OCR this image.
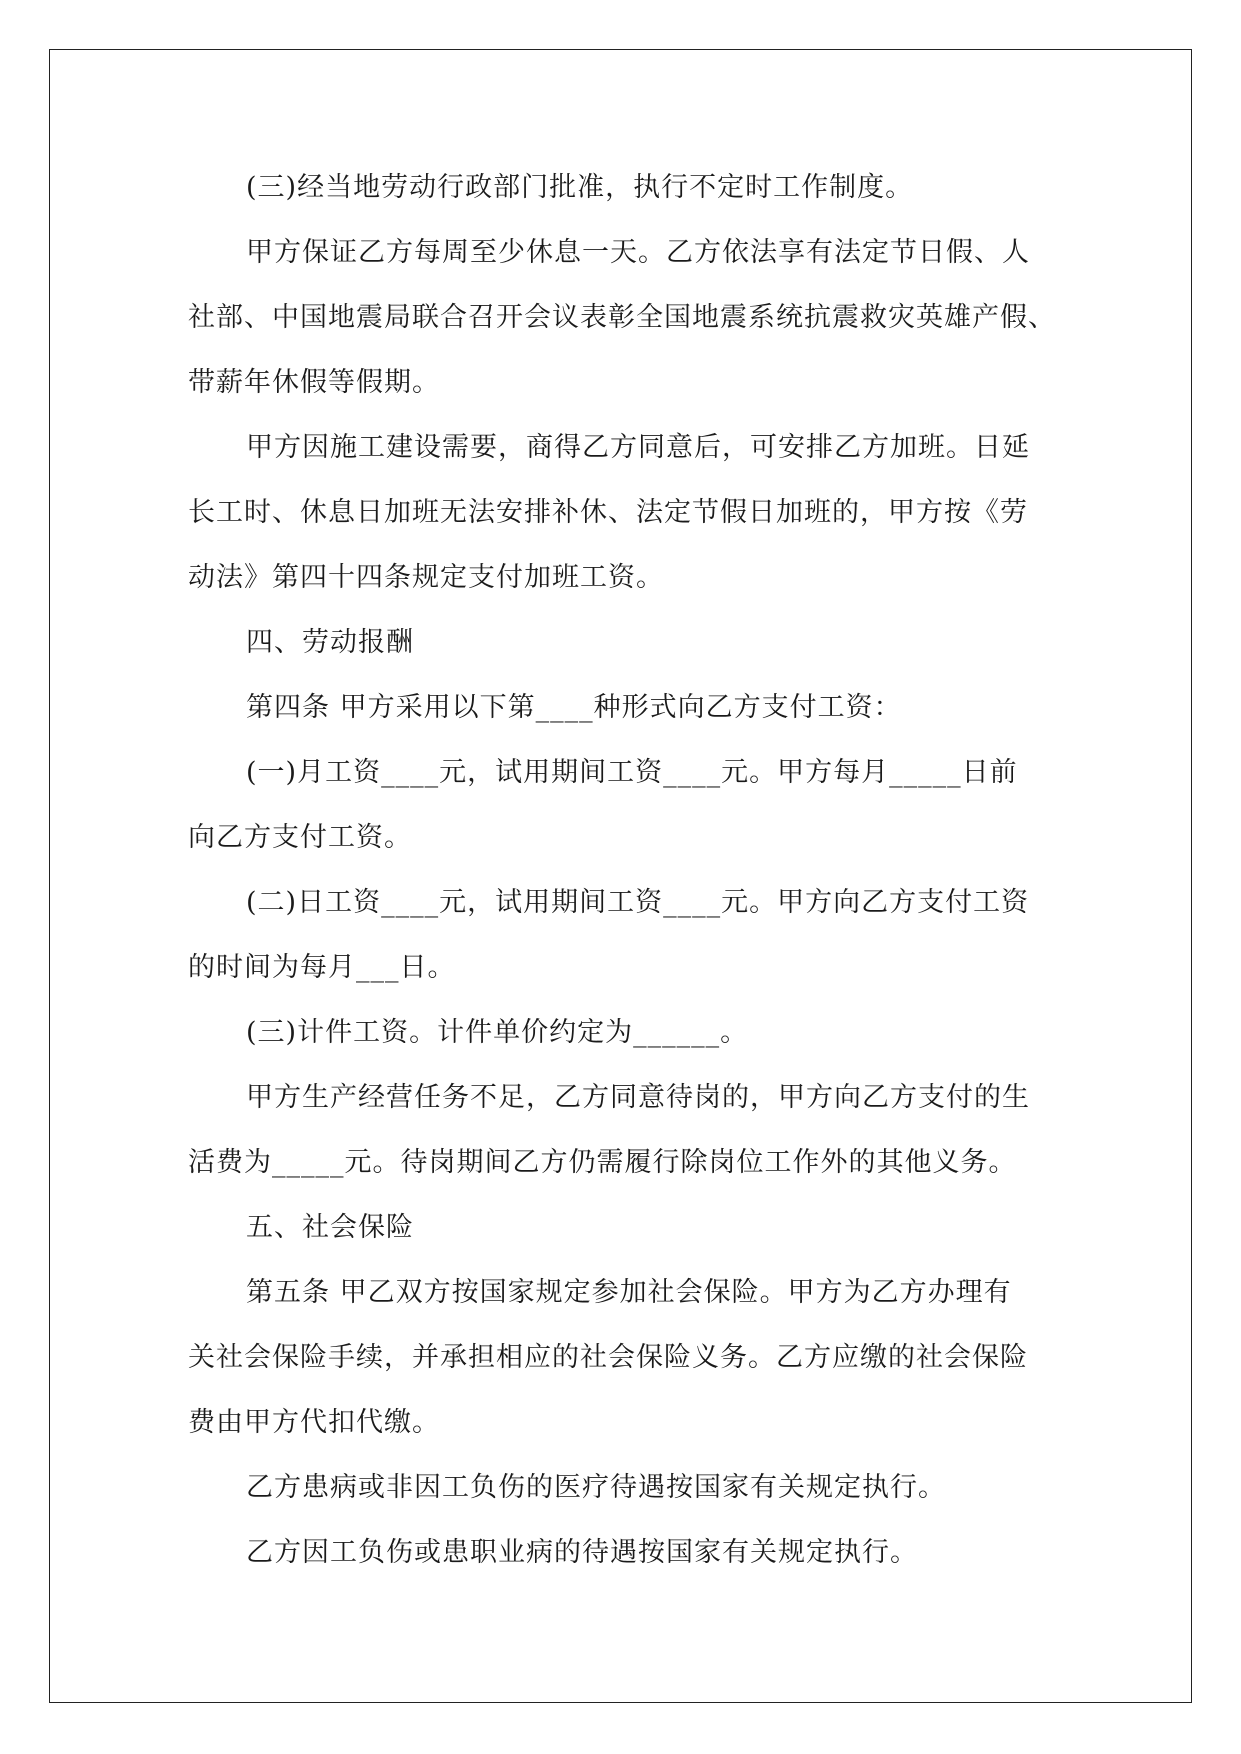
(三)经当地劳动行政部门批准，执行不定时工作制度。
甲方保证乙方每周至少休息一天。乙方依法享有法定节日假、人
社部、中国地震局联合召开会议表彰全国地震系统抗震救灾英雄产假、
带薪年休假等假期。
甲方因施工建设需要，商得乙方同意后，可安排乙方加班。日延
长工时、休息日加班无法安排补休、法定节假日加班的，甲方按《劳
动法》第四十四条规定支付加班工资。
四、劳动报酬
第四条 甲方采用以下第____种形式向乙方支付工资：
(一)月工资____元，试用期间工资____元。甲方每月_____日前
向乙方支付工资。
(二)日工资____元，试用期间工资____元。甲方向乙方支付工资
的时间为每月___日。
(三)计件工资。计件单价约定为______。
甲方生产经营任务不足，乙方同意待岗的，甲方向乙方支付的生
活费为_____元。待岗期间乙方仍需履行除岗位工作外的其他义务。
五、社会保险
第五条 甲乙双方按国家规定参加社会保险。甲方为乙方办理有
关社会保险手续，并承担相应的社会保险义务。乙方应缴的社会保险
费由甲方代扣代缴。
乙方患病或非因工负伤的医疗待遇按国家有关规定执行。
乙方因工负伤或患职业病的待遇按国家有关规定执行。
